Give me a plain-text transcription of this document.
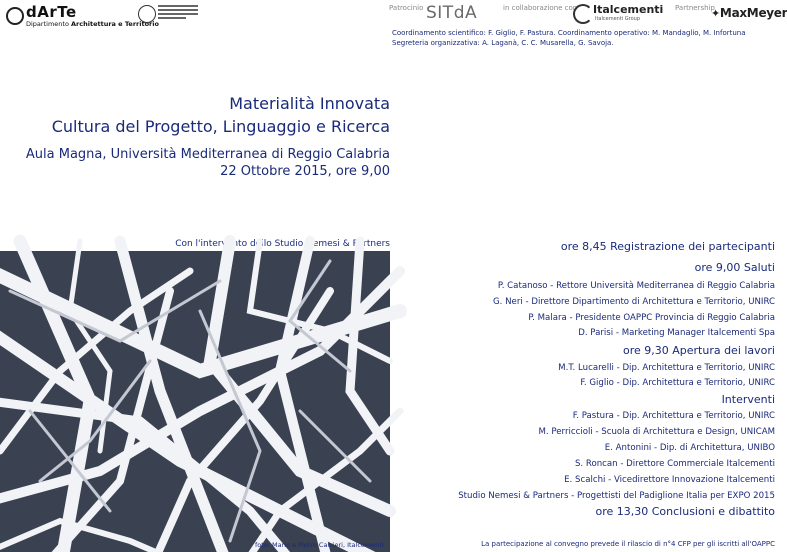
dArTe
Dipartimento Architettura e Territorio
Patrocinio SITdA	in collaborazione con Italcementi
Italcementi Group
Partnership
✦MaxMeyer
Coordinamento scientifico: F. Giglio, F. Pastura. Coordinamento operativo: M. Mandaglio, M. Infortuna
Segreteria organizzativa: A. Laganà, C. C. Musarella, G. Savoja.
Materialità Innovata
Cultura del Progetto, Linguaggio e Ricerca
Aula Magna, Università Mediterranea di Reggio Calabria
22 Ottobre 2015, ore 9,00
Con l'intervento dello Studio Nemesi & Partners
foto: Mario e Pietro Carrieri, Italcementi
ore 8,45 Registrazione dei partecipanti
ore 9,00 Saluti
P. Catanoso - Rettore Università Mediterranea di Reggio Calabria
G. Neri - Direttore Dipartimento di Architettura e Territorio, UNIRC
P. Malara - Presidente OAPPC Provincia di Reggio Calabria
D. Parisi - Marketing Manager Italcementi Spa
ore 9,30 Apertura dei lavori
M.T. Lucarelli - Dip. Architettura e Territorio, UNIRC
F. Giglio - Dip. Architettura e Territorio, UNIRC
Interventi
F. Pastura - Dip. Architettura e Territorio, UNIRC
M. Perriccioli - Scuola di Architettura e Design, UNICAM
E. Antonini - Dip. di Architettura, UNIBO
S. Roncan - Direttore Commerciale Italcementi
E. Scalchi - Vicedirettore Innovazione Italcementi
Studio Nemesi & Partners - Progettisti del Padiglione Italia per EXPO 2015
ore 13,30 Conclusioni e dibattito
La partecipazione al convegno prevede il rilascio di n°4 CFP per gli iscritti all'OAPPC
